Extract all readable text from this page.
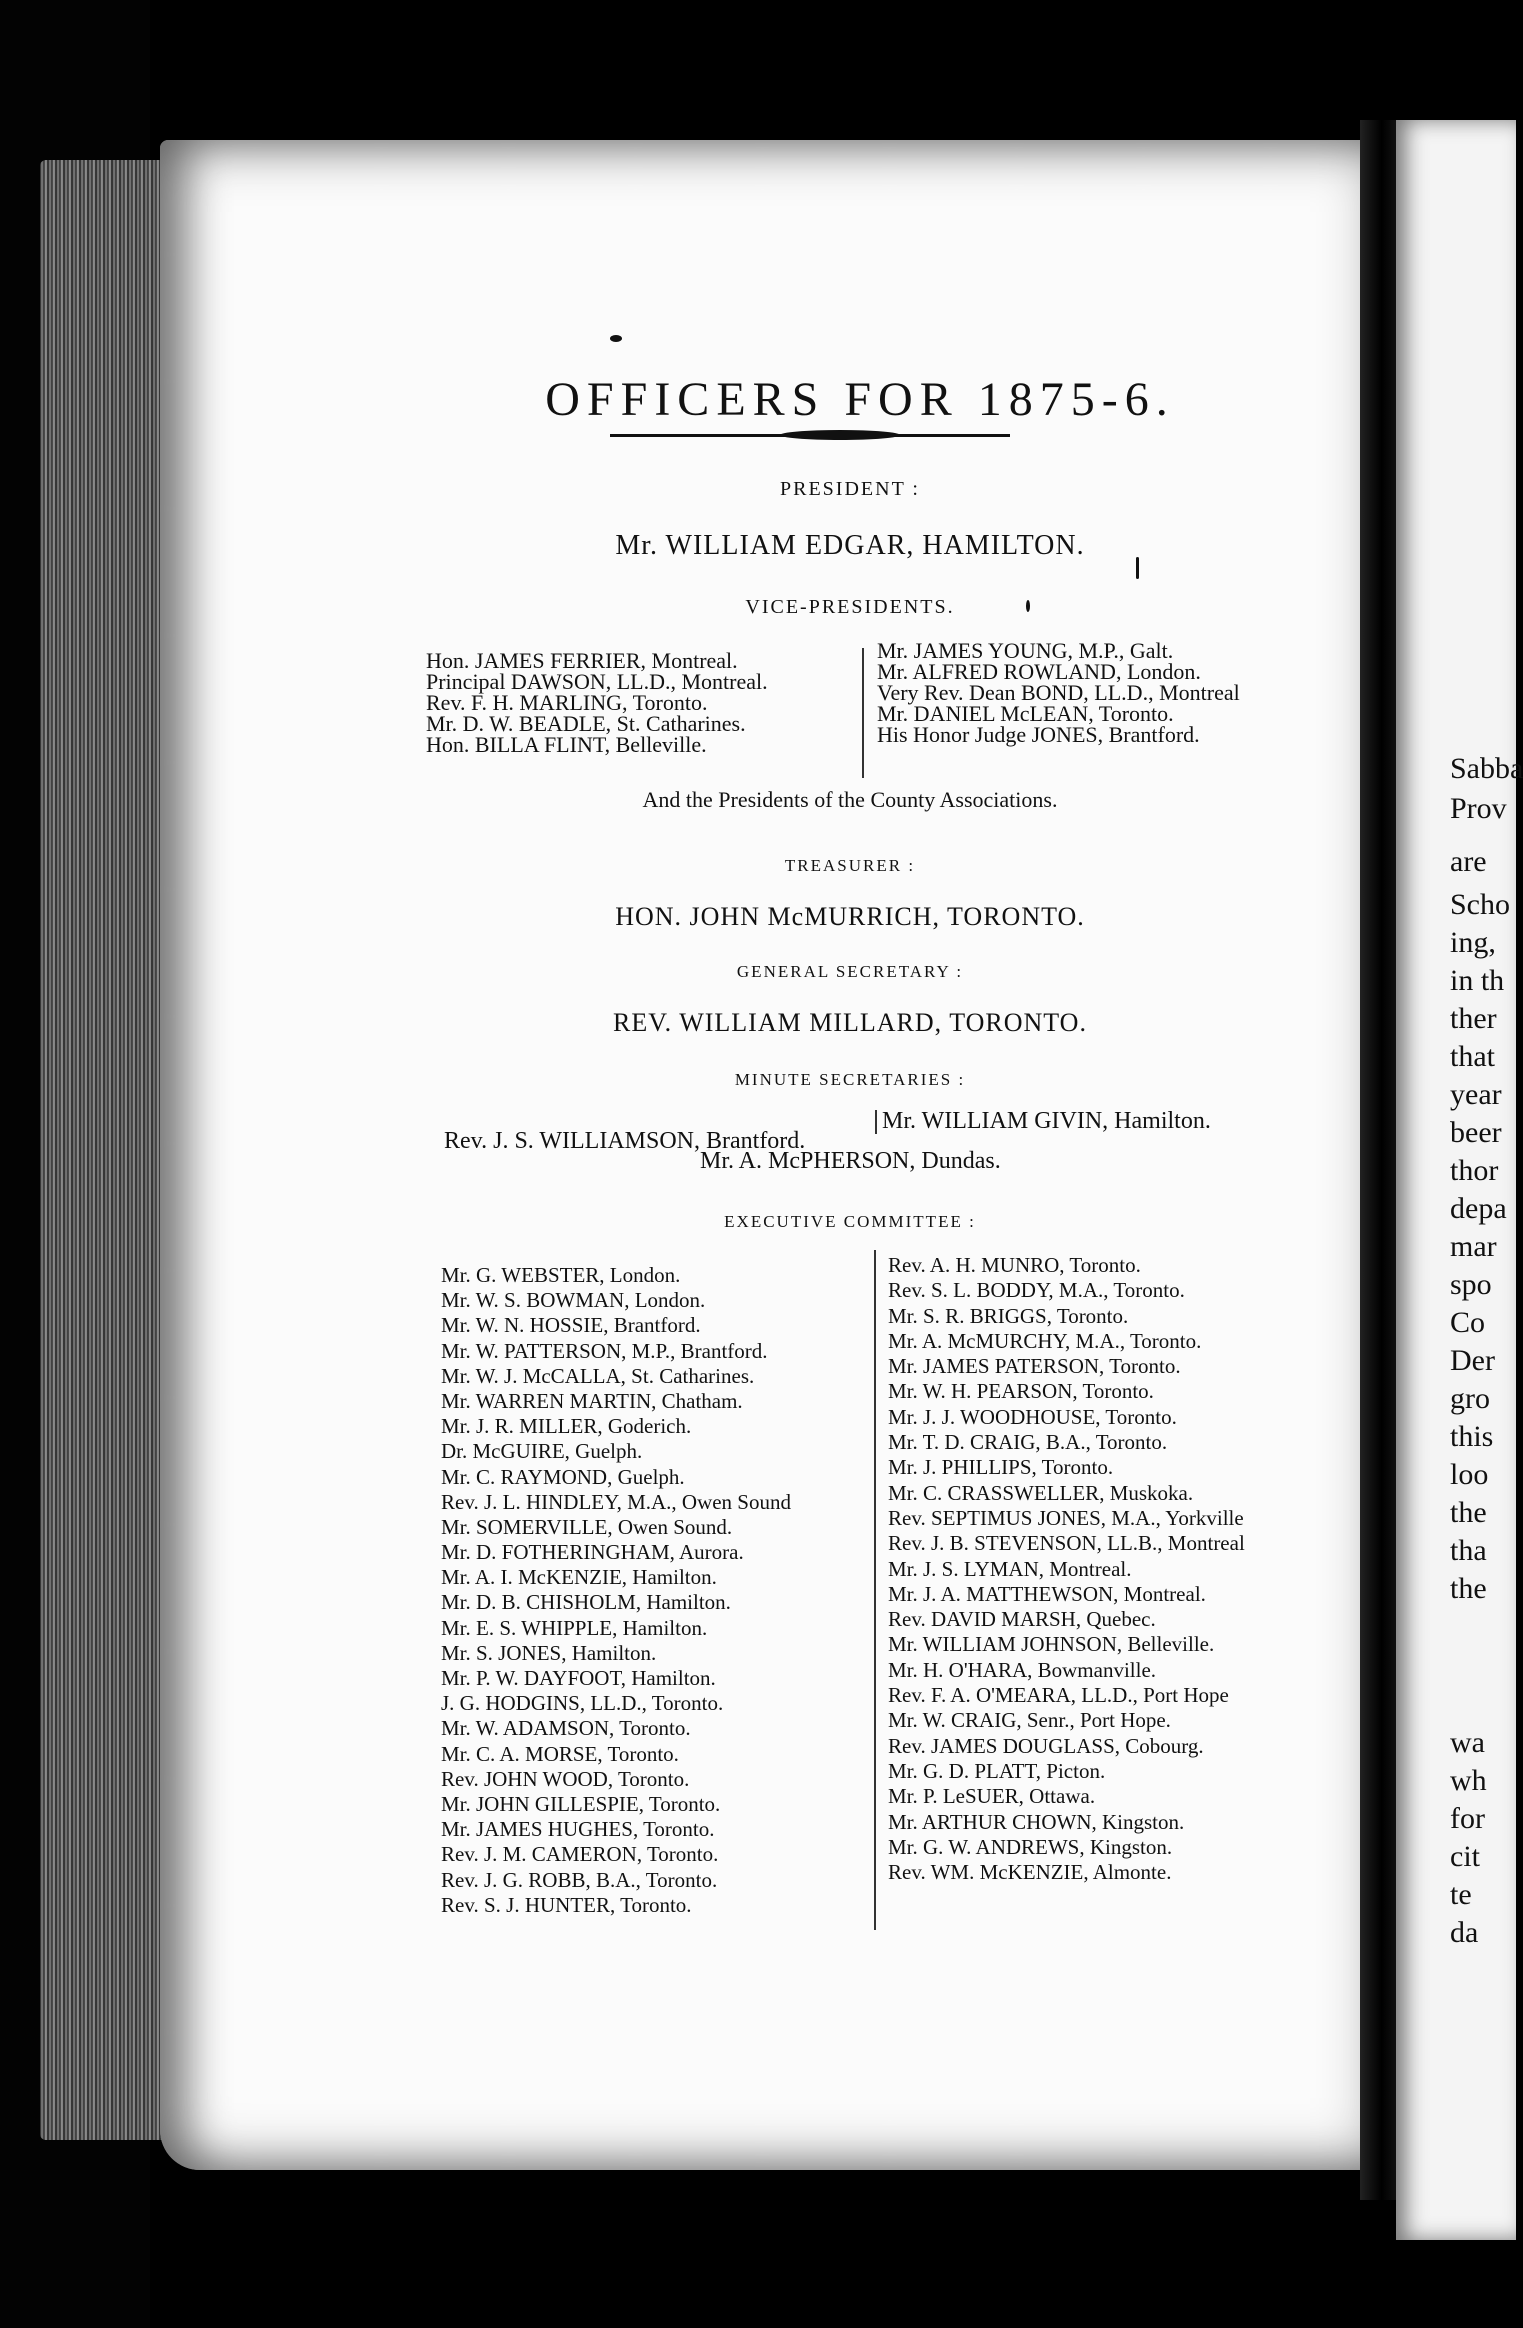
Sabba
Prov
are
Scho
ing,
in th
ther
that
year
beer
thor
depa
mar
spo
Co
Der
gro
this
loo
the
tha
the
wa
wh
for
cit
te
da
OFFICERS FOR 1875-6.
PRESIDENT :
Mr. WILLIAM EDGAR, HAMILTON.
VICE-PRESIDENTS.
Hon. JAMES FERRIER, Montreal.
Principal DAWSON, LL.D., Montreal.
Rev. F. H. MARLING, Toronto.
Mr. D. W. BEADLE, St. Catharines.
Hon. BILLA FLINT, Belleville.
Mr. JAMES YOUNG, M.P., Galt.
Mr. ALFRED ROWLAND, London.
Very Rev. Dean BOND, LL.D., Montreal
Mr. DANIEL McLEAN, Toronto.
His Honor Judge JONES, Brantford.
And the Presidents of the County Associations.
TREASURER :
HON. JOHN McMURRICH, TORONTO.
GENERAL SECRETARY :
REV. WILLIAM MILLARD, TORONTO.
MINUTE SECRETARIES :
Rev. J. S. WILLIAMSON, Brantford.
Mr. WILLIAM GIVIN, Hamilton.
Mr. A. McPHERSON, Dundas.
EXECUTIVE COMMITTEE :
Mr. G. WEBSTER, London.
Mr. W. S. BOWMAN, London.
Mr. W. N. HOSSIE, Brantford.
Mr. W. PATTERSON, M.P., Brantford.
Mr. W. J. McCALLA, St. Catharines.
Mr. WARREN MARTIN, Chatham.
Mr. J. R. MILLER, Goderich.
Dr. McGUIRE, Guelph.
Mr. C. RAYMOND, Guelph.
Rev. J. L. HINDLEY, M.A., Owen Sound
Mr. SOMERVILLE, Owen Sound.
Mr. D. FOTHERINGHAM, Aurora.
Mr. A. I. McKENZIE, Hamilton.
Mr. D. B. CHISHOLM, Hamilton.
Mr. E. S. WHIPPLE, Hamilton.
Mr. S. JONES, Hamilton.
Mr. P. W. DAYFOOT, Hamilton.
J. G. HODGINS, LL.D., Toronto.
Mr. W. ADAMSON, Toronto.
Mr. C. A. MORSE, Toronto.
Rev. JOHN WOOD, Toronto.
Mr. JOHN GILLESPIE, Toronto.
Mr. JAMES HUGHES, Toronto.
Rev. J. M. CAMERON, Toronto.
Rev. J. G. ROBB, B.A., Toronto.
Rev. S. J. HUNTER, Toronto.
Rev. A. H. MUNRO, Toronto.
Rev. S. L. BODDY, M.A., Toronto.
Mr. S. R. BRIGGS, Toronto.
Mr. A. McMURCHY, M.A., Toronto.
Mr. JAMES PATERSON, Toronto.
Mr. W. H. PEARSON, Toronto.
Mr. J. J. WOODHOUSE, Toronto.
Mr. T. D. CRAIG, B.A., Toronto.
Mr. J. PHILLIPS, Toronto.
Mr. C. CRASSWELLER, Muskoka.
Rev. SEPTIMUS JONES, M.A., Yorkville
Rev. J. B. STEVENSON, LL.B., Montreal
Mr. J. S. LYMAN, Montreal.
Mr. J. A. MATTHEWSON, Montreal.
Rev. DAVID MARSH, Quebec.
Mr. WILLIAM JOHNSON, Belleville.
Mr. H. O'HARA, Bowmanville.
Rev. F. A. O'MEARA, LL.D., Port Hope
Mr. W. CRAIG, Senr., Port Hope.
Rev. JAMES DOUGLASS, Cobourg.
Mr. G. D. PLATT, Picton.
Mr. P. LeSUER, Ottawa.
Mr. ARTHUR CHOWN, Kingston.
Mr. G. W. ANDREWS, Kingston.
Rev. WM. McKENZIE, Almonte.
